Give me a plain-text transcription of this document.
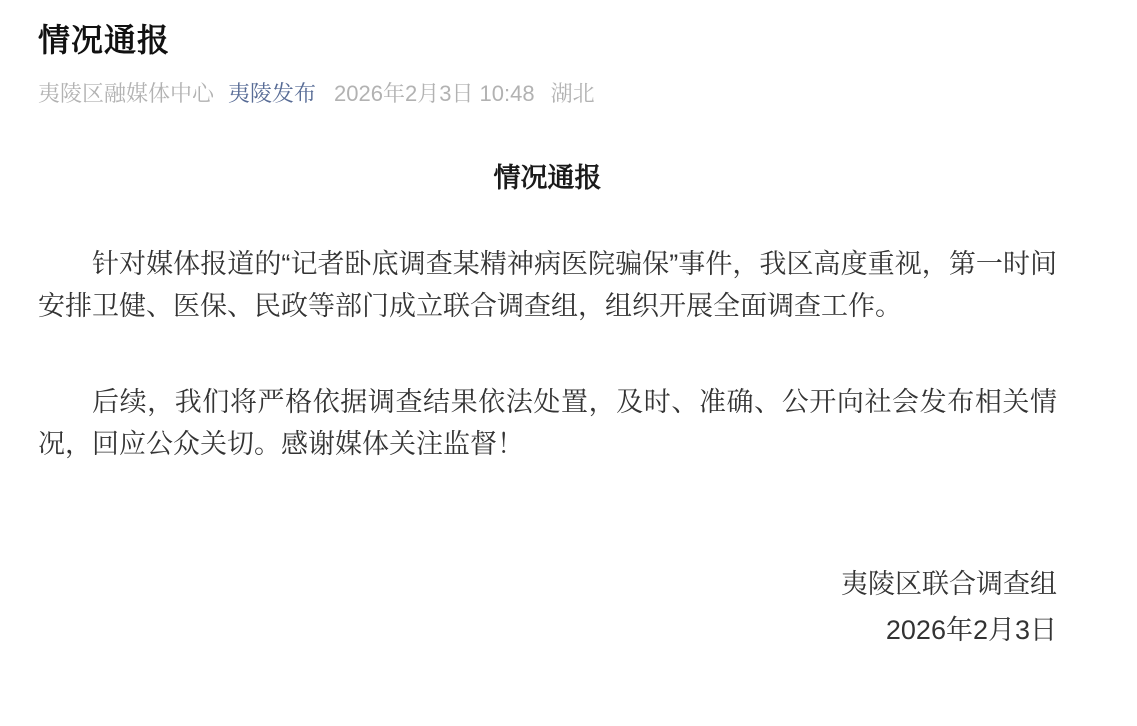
情况通报
夷陵区融媒体中心 夷陵发布 2026年2月3日 10:48 湖北
情况通报

针对媒体报道的“记者卧底调查某精神病医院骗保”事件，我区高度重视，第一时间安排卫健、医保、民政等部门成立联合调查组，组织开展全面调查工作。

后续，我们将严格依据调查结果依法处置，及时、准确、公开向社会发布相关情况，回应公众关切。感谢媒体关注监督！

夷陵区联合调查组
2026年2月3日
